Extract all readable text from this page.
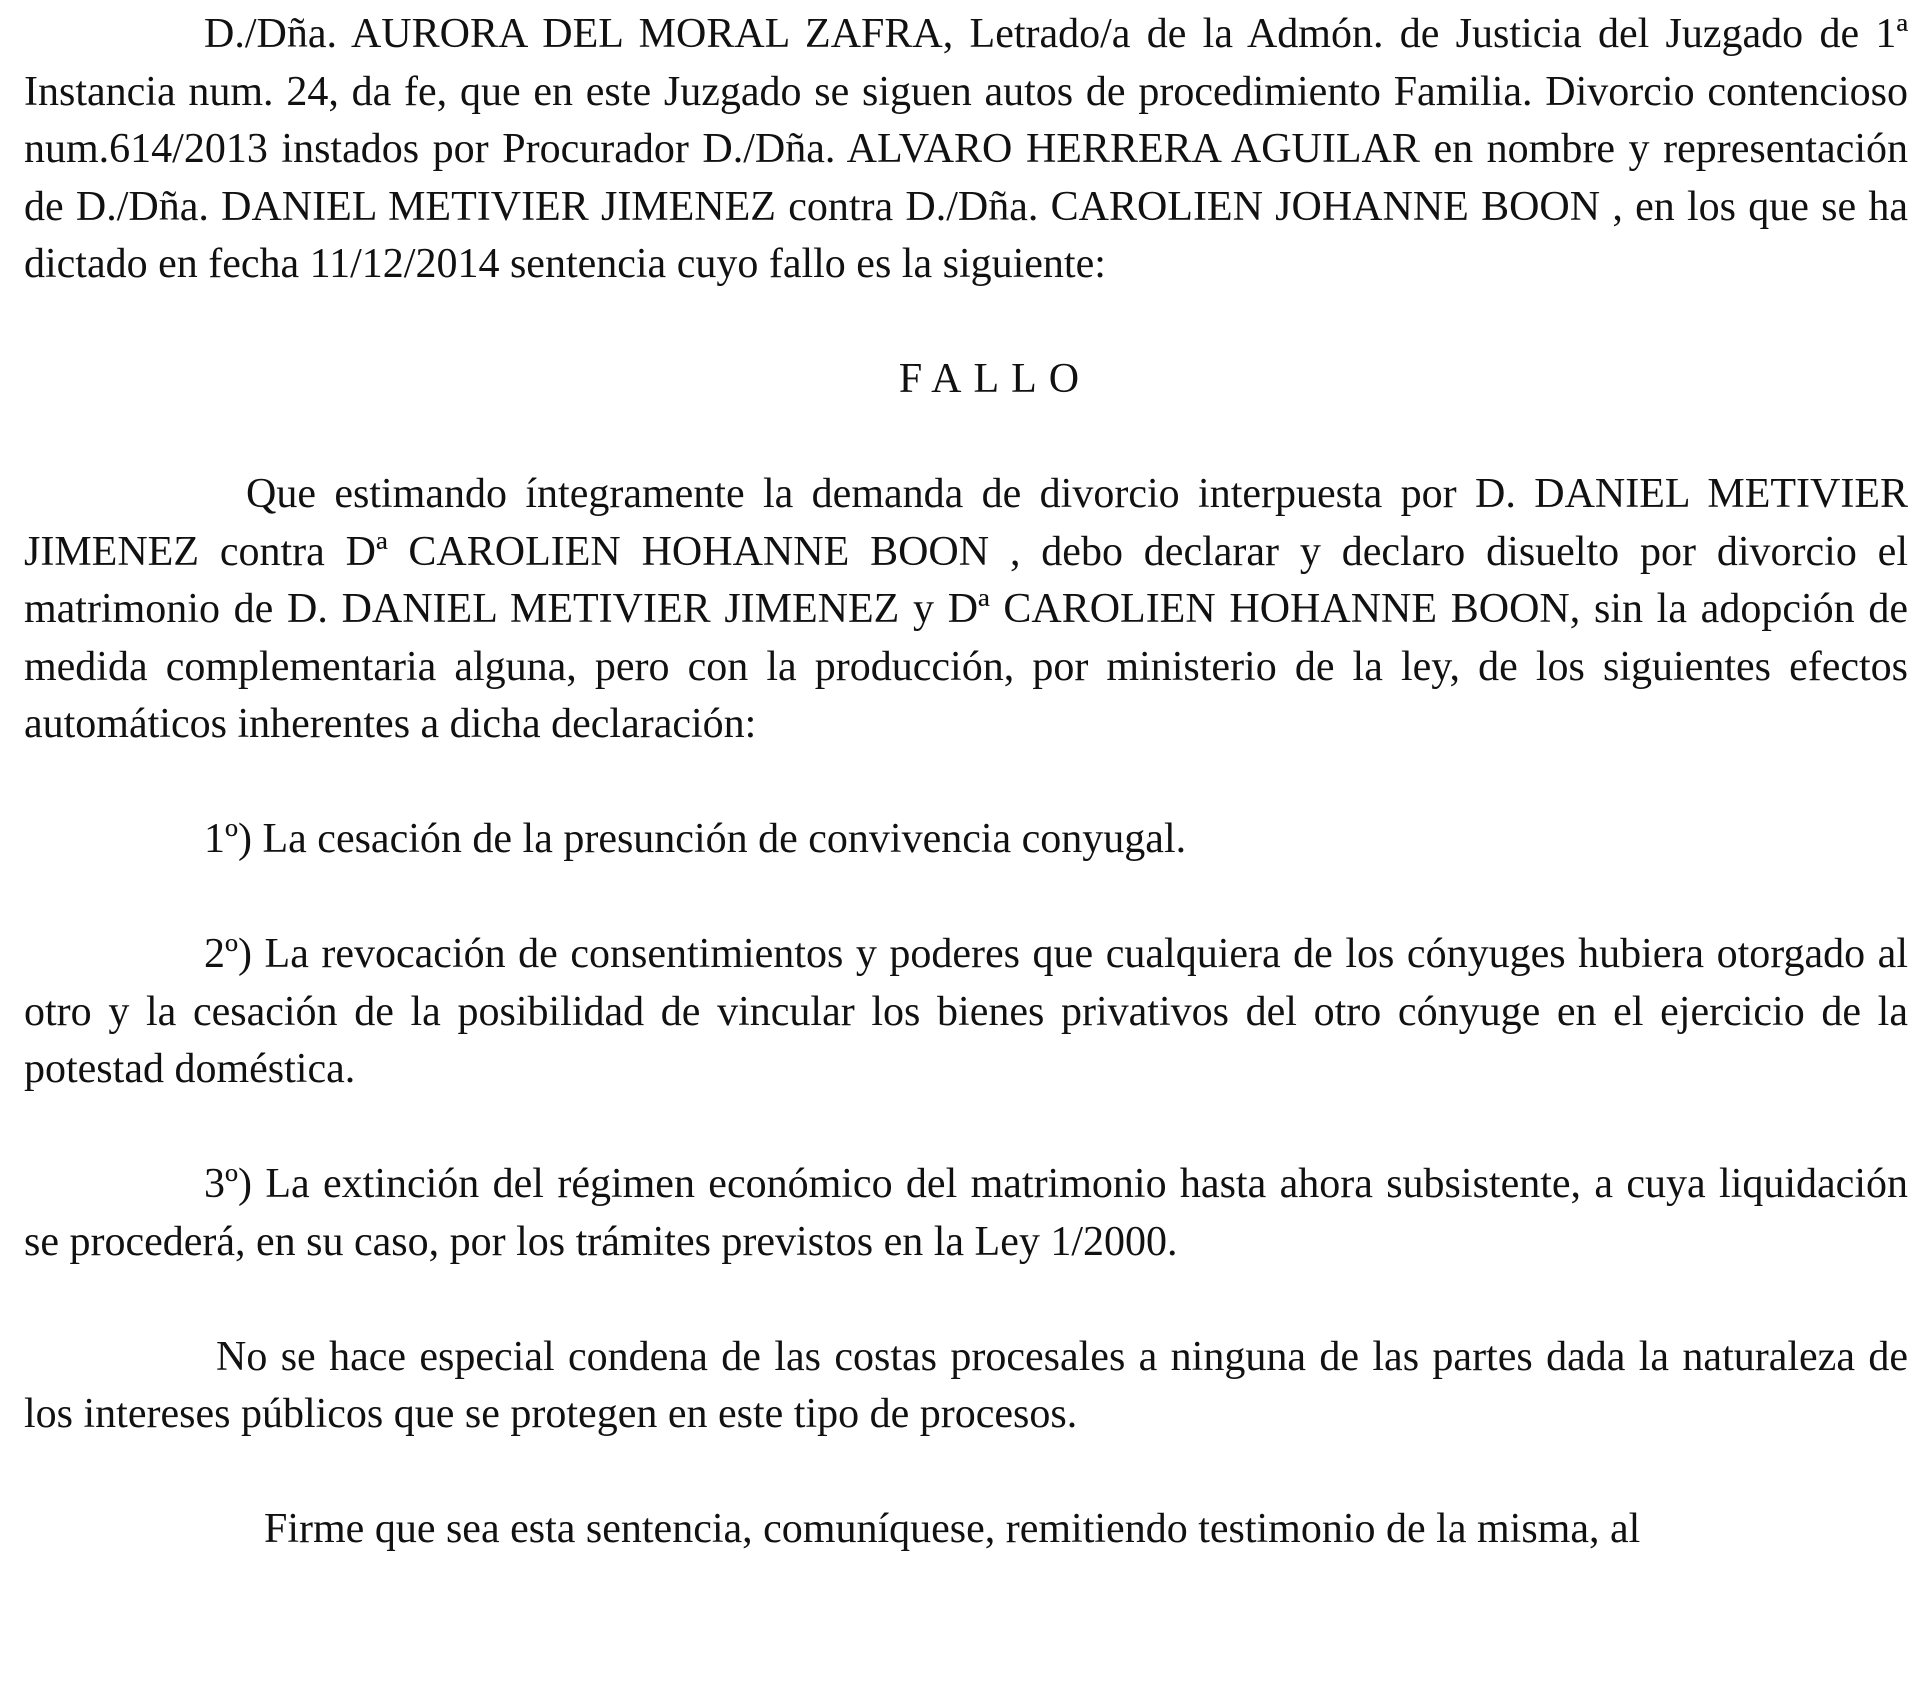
D./Dña. AURORA DEL MORAL ZAFRA, Letrado/a de la Admón. de Justicia del Juzgado de 1ª Instancia num. 24, da fe, que en este Juzgado se siguen autos de procedimiento Familia. Divorcio contencioso num.614/2013 instados por Procurador D./Dña. ALVARO HERRERA AGUILAR en nombre y representación de D./Dña. DANIEL METIVIER JIMENEZ contra D./Dña. CAROLIEN JOHANNE BOON , en los que se ha dictado en fecha 11/12/2014 sentencia cuyo fallo es la siguiente:

FALLO

Que estimando íntegramente la demanda de divorcio interpuesta por D. DANIEL METIVIER JIMENEZ contra Dª CAROLIEN HOHANNE BOON , debo declarar y declaro disuelto por divorcio el matrimonio de D. DANIEL METIVIER JIMENEZ y Dª CAROLIEN HOHANNE BOON, sin la adopción de medida complementaria alguna, pero con la producción, por ministerio de la ley, de los siguientes efectos automáticos inherentes a dicha declaración:

1º) La cesación de la presunción de convivencia conyugal.

2º) La revocación de consentimientos y poderes que cualquiera de los cónyuges hubiera otorgado al otro y la cesación de la posibilidad de vincular los bienes privativos del otro cónyuge en el ejercicio de la potestad doméstica.

3º) La extinción del régimen económico del matrimonio hasta ahora subsistente, a cuya liquidación se procederá, en su caso, por los trámites previstos en la Ley 1/2000.

No se hace especial condena de las costas procesales a ninguna de las partes dada la naturaleza de los intereses públicos que se protegen en este tipo de procesos.

Firme que sea esta sentencia, comuníquese, remitiendo testimonio de la misma, al
